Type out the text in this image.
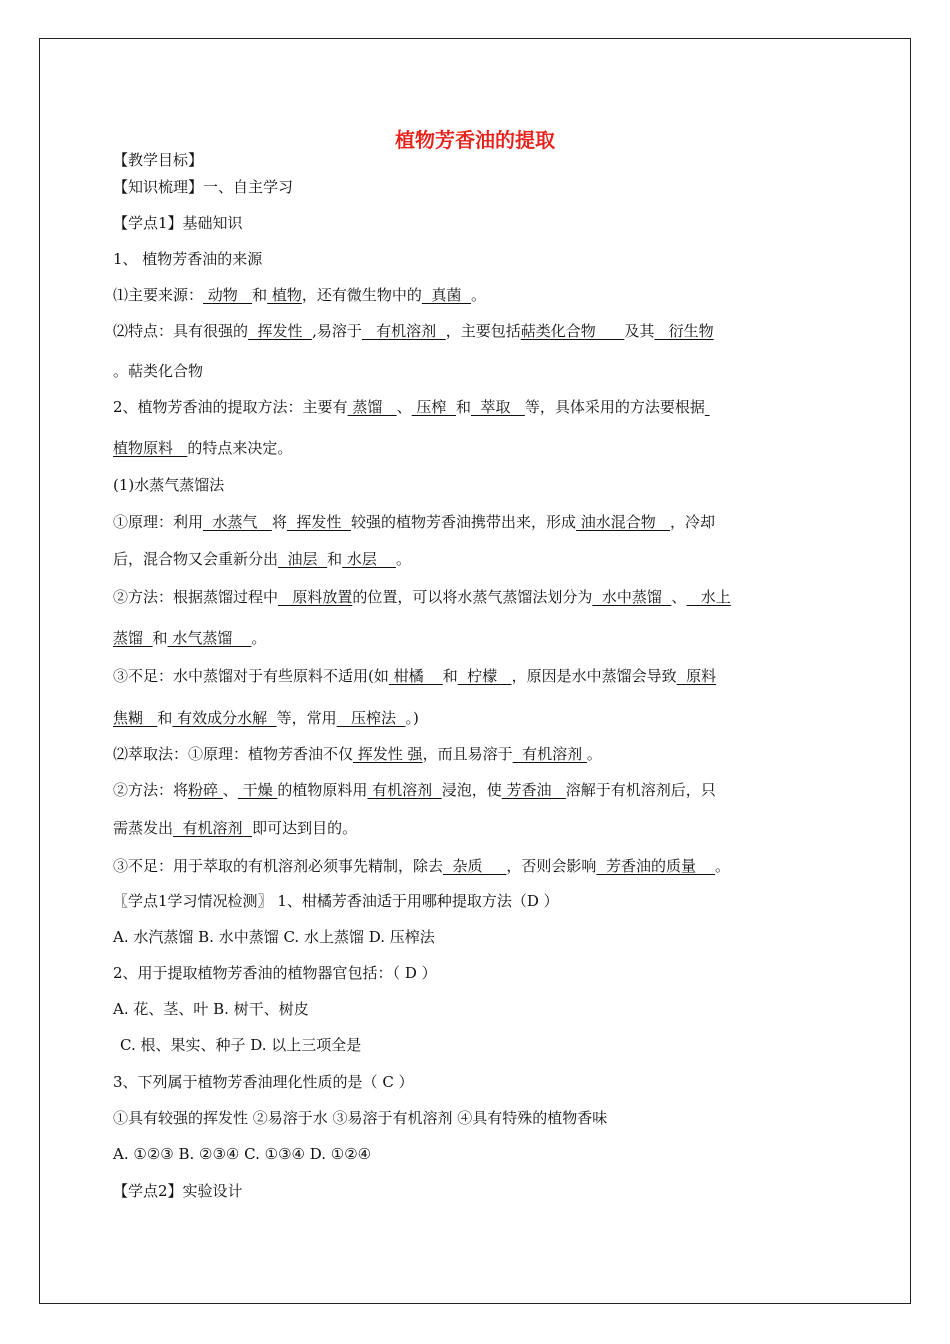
植物芳香油的提取
【教学目标】
【知识梳理】一、自主学习
【学点1】基础知识
1、 植物芳香油的来源
⑴主要来源： 动物   和 植物，还有微生物中的  真菌  。
⑵特点：具有很强的  挥发性  ,易溶于   有机溶剂  ，主要包括萜类化合物      及其   衍生物
。萜类化合物
2、植物芳香油的提取方法：主要有 蒸馏   、 压榨  和  萃取   等，具体采用的方法要根据
植物原料   的特点来决定。
(1)水蒸气蒸馏法
①原理：利用  水蒸气   将  挥发性  较强的植物芳香油携带出来，形成 油水混合物   ，冷却
后，混合物又会重新分出  油层  和 水层    。
②方法：根据蒸馏过程中   原料放置的位置，可以将水蒸气蒸馏法划分为  水中蒸馏  、   水上
蒸馏  和 水气蒸馏    。
③不足：水中蒸馏对于有些原料不适用(如 柑橘    和  柠檬   ，原因是水中蒸馏会导致  原料
焦糊   和 有效成分水解  等，常用   压榨法  。)
⑵萃取法：①原理：植物芳香油不仅 挥发性 强，而且易溶于  有机溶剂 。
②方法：将粉碎 、 干燥 的植物原料用 有机溶剂  浸泡，使 芳香油   溶解于有机溶剂后，只
需蒸发出  有机溶剂  即可达到目的。
③不足：用于萃取的有机溶剂必须事先精制，除去  杂质     ，否则会影响  芳香油的质量    。
〖学点1学习情况检测〗 1、柑橘芳香油适于用哪种提取方法（D ）
A. 水汽蒸馏 B. 水中蒸馏 C. 水上蒸馏 D. 压榨法
2、用于提取植物芳香油的植物器官包括：（ D ）
A. 花、茎、叶 B. 树干、树皮
C. 根、果实、种子 D. 以上三项全是
3、下列属于植物芳香油理化性质的是（ C ）
①具有较强的挥发性 ②易溶于水 ③易溶于有机溶剂 ④具有特殊的植物香味
A. ①②③ B. ②③④ C. ①③④ D. ①②④
【学点2】实验设计
